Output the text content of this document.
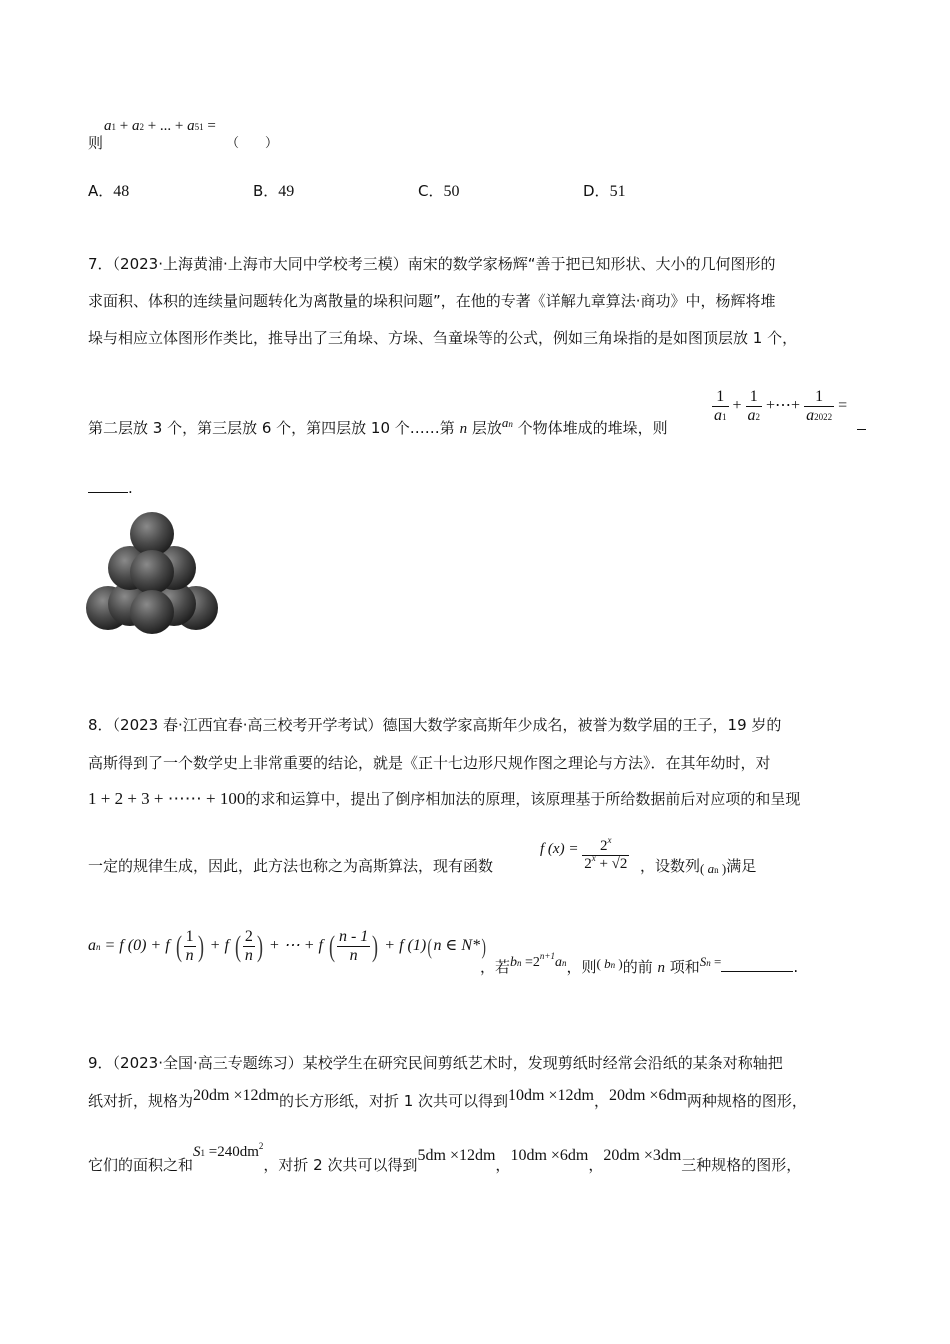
则
a1 + a2 + ... + a51 =
（　　）
A．48	B．49	C．50	D．51
7．（2023·上海黄浦·上海市大同中学校考三模）南宋的数学家杨辉“善于把已知形状、大小的几何图形的
求面积、体积的连续量问题转化为离散量的垛积问题”，在他的专著《详解九章算法·商功》中，杨辉将堆
垛与相应立体图形作类比，推导出了三角垛、方垛、刍童垛等的公式，例如三角垛指的是如图顶层放 1 个，
第二层放 3 个，第三层放 6 个，第四层放 10 个……第 n 层放an 个物体堆成的堆垛，则
$\frac{1}{a1} + \frac{1}{a2}$ +⋯+ $\frac{1}{a2022}$ =
.
8．（2023 春·江西宜春·高三校考开学考试）德国大数学家高斯年少成名，被誉为数学届的王子，19 岁的
高斯得到了一个数学史上非常重要的结论，就是《正十七边形尺规作图之理论与方法》．在其年幼时，对
1 + 2 + 3 + ⋯⋯ + 100的求和运算中，提出了倒序相加法的原理，该原理基于所给数据前后对应项的和呈现
一定的规律生成，因此，此方法也称之为高斯算法，现有函数
f $(x) = \frac{2^x}{2^x + √2}$ ，设数列( an )满足
an = f (0) + f ( $\frac{1}{n}$ ) + f ( $\frac{2}{n}$ ) + ⋯ + f ( $\frac{n - 1}{n}$ ) + f (1)(n ∈ N*)
，若bn $=2^{n+1}an$，则( bn )的前 n 项和Sn =	.
9．（2023·全国·高三专题练习）某校学生在研究民间剪纸艺术时，发现剪纸时经常会沿纸的某条对称轴把
纸对折，规格为20dm ×12dm的长方形纸，对折 1 次共可以得到10dm ×12dm，20dm ×6dm两种规格的图形，
它们的面积之和$S1 =240dm^2$，对折 2 次共可以得到5dm ×12dm，10dm ×6dm，20dm ×3dm三种规格的图形，
